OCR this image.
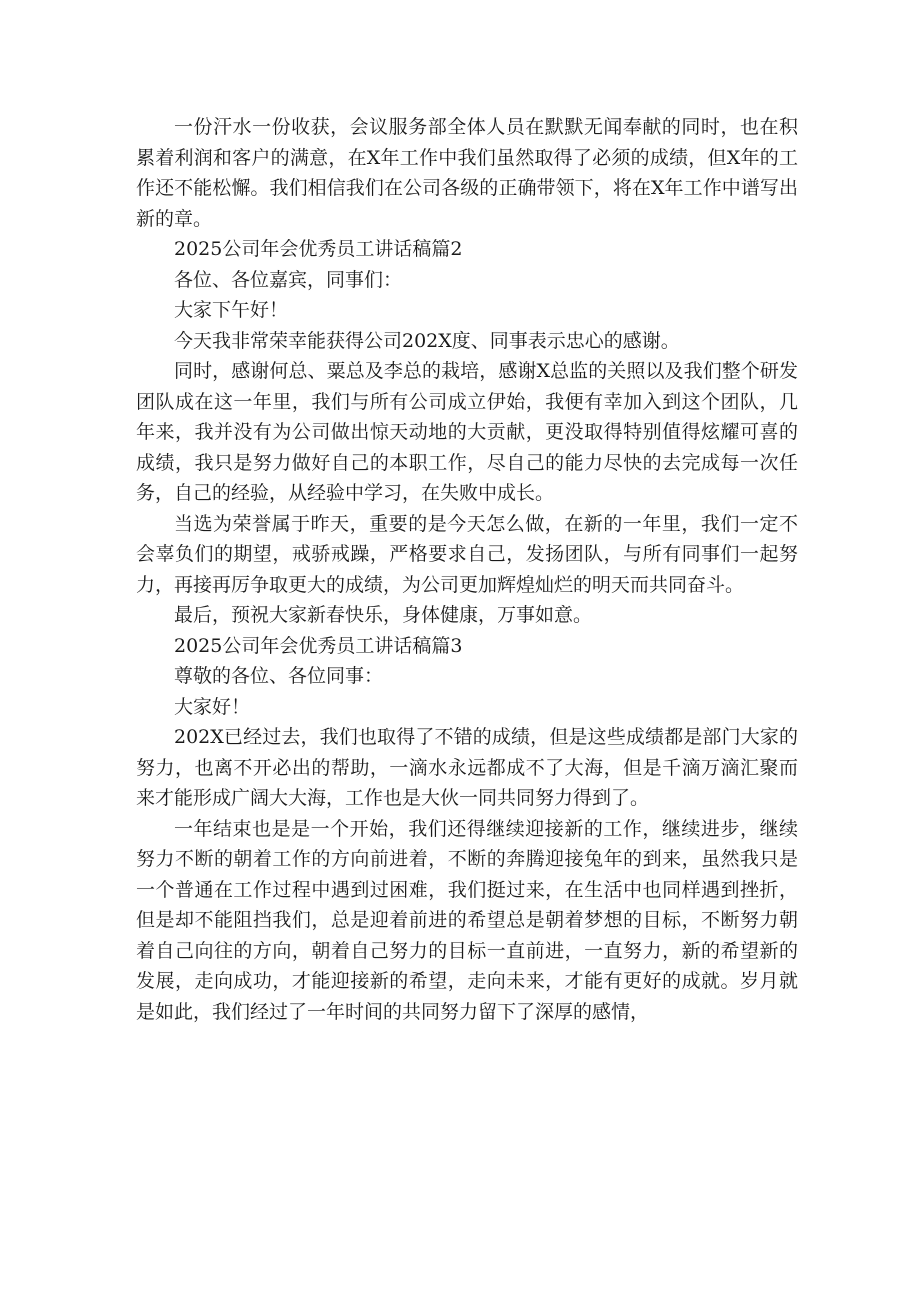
一份汗水一份收获，会议服务部全体人员在默默无闻奉献的同时，也在积累着利润和客户的满意，在X年工作中我们虽然取得了必须的成绩，但X年的工作还不能松懈。我们相信我们在公司各级的正确带领下，将在X年工作中谱写出新的章。

2025公司年会优秀员工讲话稿篇2

各位、各位嘉宾，同事们：

大家下午好！

今天我非常荣幸能获得公司202X度、同事表示忠心的感谢。

同时，感谢何总、粟总及李总的栽培，感谢X总监的关照以及我们整个研发团队成在这一年里，我们与所有公司成立伊始，我便有幸加入到这个团队，几年来，我并没有为公司做出惊天动地的大贡献，更没取得特别值得炫耀可喜的成绩，我只是努力做好自己的本职工作，尽自己的能力尽快的去完成每一次任务，自己的经验，从经验中学习，在失败中成长。

当选为荣誉属于昨天，重要的是今天怎么做，在新的一年里，我们一定不会辜负们的期望，戒骄戒躁，严格要求自己，发扬团队，与所有同事们一起努力，再接再厉争取更大的成绩，为公司更加辉煌灿烂的明天而共同奋斗。

最后，预祝大家新春快乐，身体健康，万事如意。

2025公司年会优秀员工讲话稿篇3

尊敬的各位、各位同事：

大家好！

202X已经过去，我们也取得了不错的成绩，但是这些成绩都是部门大家的努力，也离不开必出的帮助，一滴水永远都成不了大海，但是千滴万滴汇聚而来才能形成广阔大大海，工作也是大伙一同共同努力得到了。

一年结束也是是一个开始，我们还得继续迎接新的工作，继续进步，继续努力不断的朝着工作的方向前进着，不断的奔腾迎接兔年的到来，虽然我只是一个普通在工作过程中遇到过困难，我们挺过来，在生活中也同样遇到挫折，但是却不能阻挡我们，总是迎着前进的希望总是朝着梦想的目标，不断努力朝着自己向往的方向，朝着自己努力的目标一直前进，一直努力，新的希望新的发展，走向成功，才能迎接新的希望，走向未来，才能有更好的成就。岁月就是如此，我们经过了一年时间的共同努力留下了深厚的感情，
